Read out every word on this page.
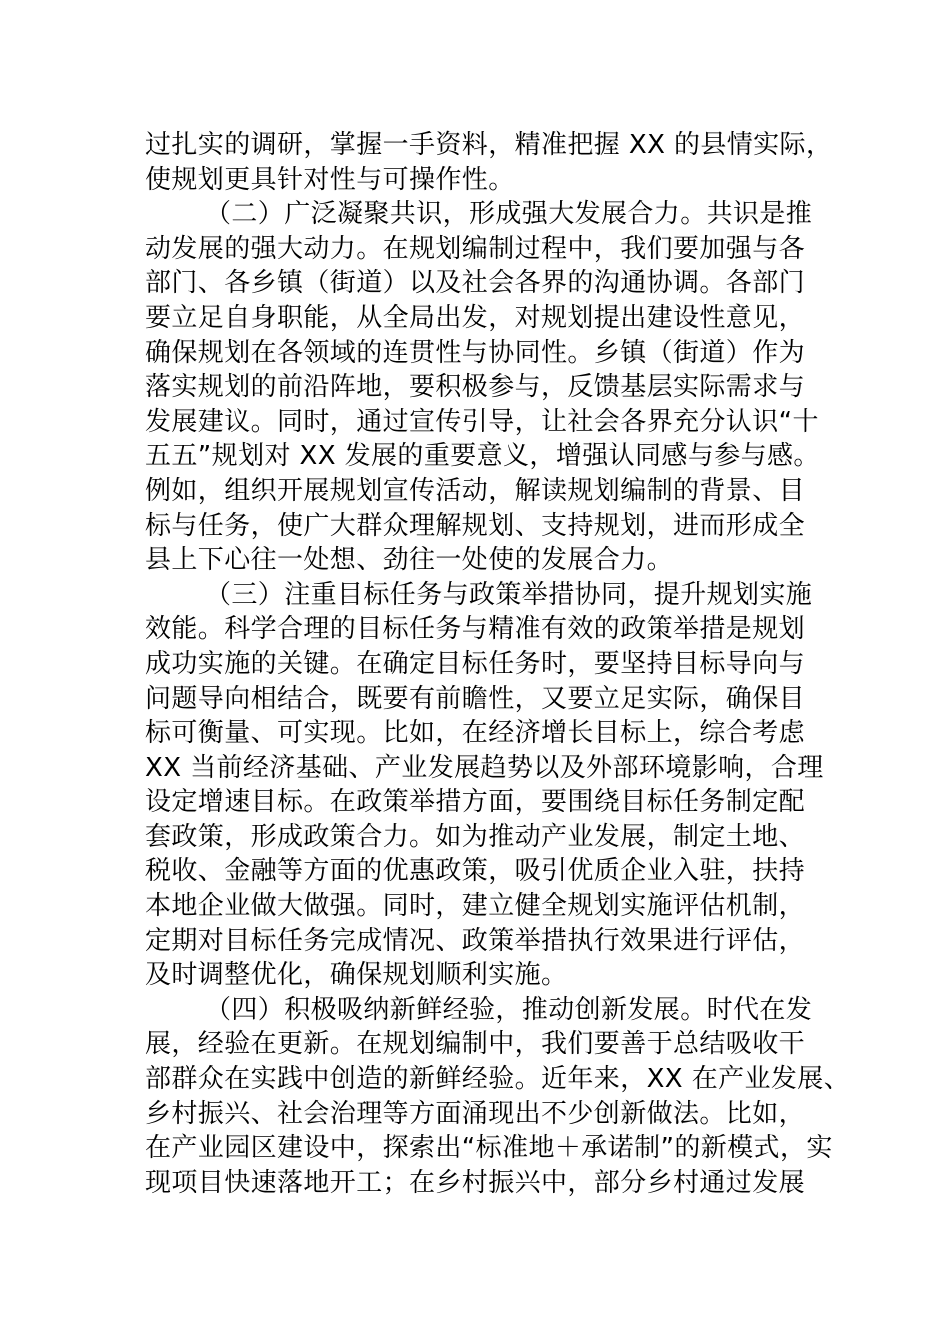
过扎实的调研，掌握一手资料，精准把握 XX 的县情实际，
使规划更具针对性与可操作性。
（二）广泛凝聚共识，形成强大发展合力。共识是推
动发展的强大动力。在规划编制过程中，我们要加强与各
部门、各乡镇（街道）以及社会各界的沟通协调。各部门
要立足自身职能，从全局出发，对规划提出建设性意见，
确保规划在各领域的连贯性与协同性。乡镇（街道）作为
落实规划的前沿阵地，要积极参与，反馈基层实际需求与
发展建议。同时，通过宣传引导，让社会各界充分认识“十
五五”规划对 XX 发展的重要意义，增强认同感与参与感。
例如，组织开展规划宣传活动，解读规划编制的背景、目
标与任务，使广大群众理解规划、支持规划，进而形成全
县上下心往一处想、劲往一处使的发展合力。
（三）注重目标任务与政策举措协同，提升规划实施
效能。科学合理的目标任务与精准有效的政策举措是规划
成功实施的关键。在确定目标任务时，要坚持目标导向与
问题导向相结合，既要有前瞻性，又要立足实际，确保目
标可衡量、可实现。比如，在经济增长目标上，综合考虑
XX 当前经济基础、产业发展趋势以及外部环境影响，合理
设定增速目标。在政策举措方面，要围绕目标任务制定配
套政策，形成政策合力。如为推动产业发展，制定土地、
税收、金融等方面的优惠政策，吸引优质企业入驻，扶持
本地企业做大做强。同时，建立健全规划实施评估机制，
定期对目标任务完成情况、政策举措执行效果进行评估，
及时调整优化，确保规划顺利实施。
（四）积极吸纳新鲜经验，推动创新发展。时代在发
展，经验在更新。在规划编制中，我们要善于总结吸收干
部群众在实践中创造的新鲜经验。近年来，XX 在产业发展、
乡村振兴、社会治理等方面涌现出不少创新做法。比如，
在产业园区建设中，探索出“标准地＋承诺制”的新模式，实
现项目快速落地开工；在乡村振兴中，部分乡村通过发展
